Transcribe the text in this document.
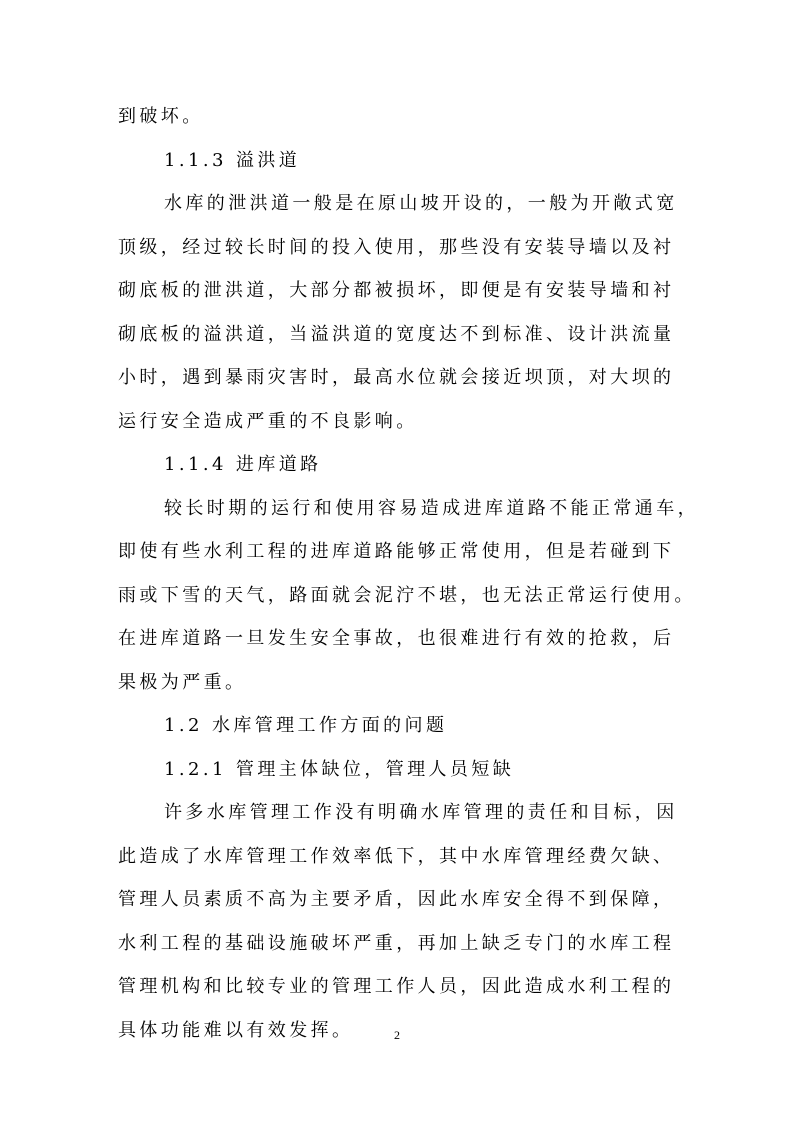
到破坏。
1.1.3 溢洪道
水库的泄洪道一般是在原山坡开设的，一般为开敞式宽
顶级，经过较长时间的投入使用，那些没有安装导墙以及衬
砌底板的泄洪道，大部分都被损坏，即便是有安装导墙和衬
砌底板的溢洪道，当溢洪道的宽度达不到标准、设计洪流量
小时，遇到暴雨灾害时，最高水位就会接近坝顶，对大坝的
运行安全造成严重的不良影响。
1.1.4 进库道路
较长时期的运行和使用容易造成进库道路不能正常通车，
即使有些水利工程的进库道路能够正常使用，但是若碰到下
雨或下雪的天气，路面就会泥泞不堪，也无法正常运行使用。
在进库道路一旦发生安全事故，也很难进行有效的抢救，后
果极为严重。
1.2 水库管理工作方面的问题
1.2.1 管理主体缺位，管理人员短缺
许多水库管理工作没有明确水库管理的责任和目标，因
此造成了水库管理工作效率低下，其中水库管理经费欠缺、
管理人员素质不高为主要矛盾，因此水库安全得不到保障，
水利工程的基础设施破坏严重，再加上缺乏专门的水库工程
管理机构和比较专业的管理工作人员，因此造成水利工程的
具体功能难以有效发挥。	2
